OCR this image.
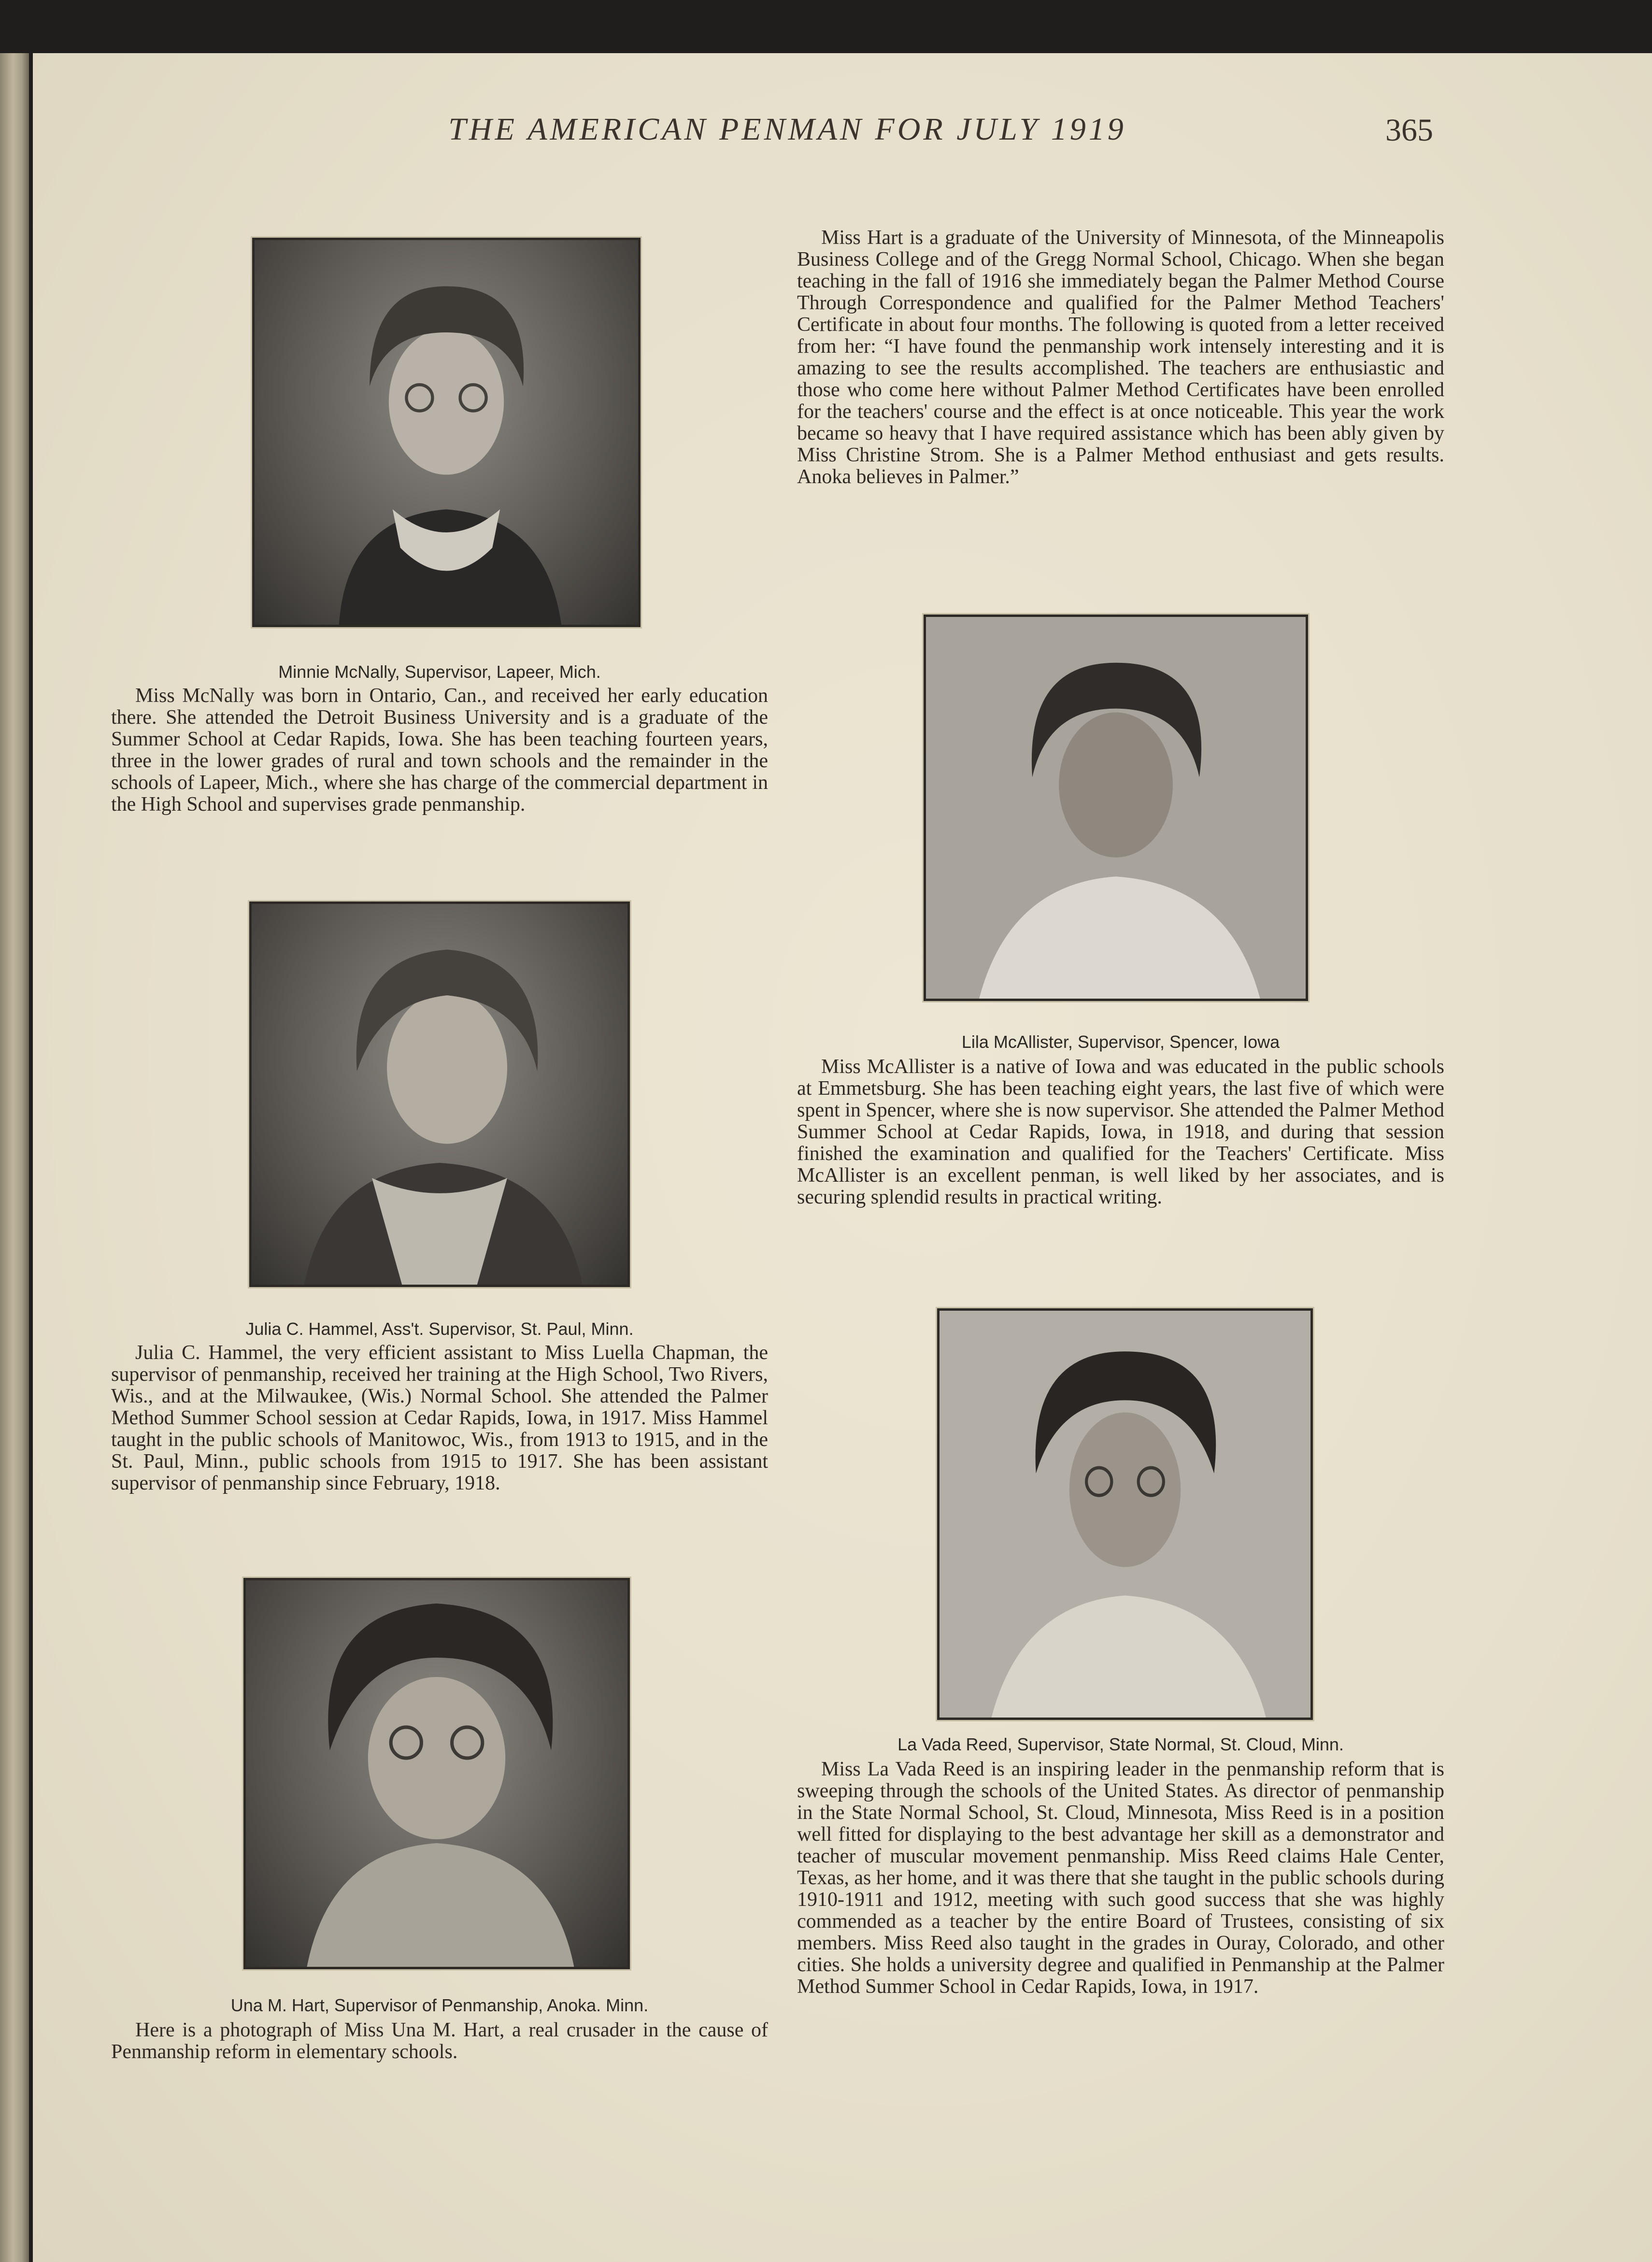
THE AMERICAN PENMAN FOR JULY 1919	365
Minnie McNally, Supervisor, Lapeer, Mich.

Miss McNally was born in Ontario, Can., and received her early education there. She attended the Detroit Business University and is a graduate of the Summer School at Cedar Rapids, Iowa. She has been teaching fourteen years, three in the lower grades of rural and town schools and the remainder in the schools of Lapeer, Mich., where she has charge of the commercial department in the High School and supervises grade penmanship.

Julia C. Hammel, Ass't. Supervisor, St. Paul, Minn.

Julia C. Hammel, the very efficient assistant to Miss Luella Chapman, the supervisor of penmanship, received her training at the High School, Two Rivers, Wis., and at the Milwaukee, (Wis.) Normal School. She attended the Palmer Method Summer School session at Cedar Rapids, Iowa, in 1917. Miss Hammel taught in the public schools of Manitowoc, Wis., from 1913 to 1915, and in the St. Paul, Minn., public schools from 1915 to 1917. She has been assistant supervisor of penmanship since February, 1918.

Una M. Hart, Supervisor of Penmanship, Anoka. Minn.

Here is a photograph of Miss Una M. Hart, a real crusader in the cause of Penmanship reform in elementary schools.

Miss Hart is a graduate of the University of Minnesota, of the Minneapolis Business College and of the Gregg Normal School, Chicago. When she began teaching in the fall of 1916 she immediately began the Palmer Method Course Through Correspondence and qualified for the Palmer Method Teachers' Certificate in about four months. The following is quoted from a letter received from her: “I have found the penmanship work intensely interesting and it is amazing to see the results accomplished. The teachers are enthusiastic and those who come here without Palmer Method Certificates have been enrolled for the teachers' course and the effect is at once noticeable. This year the work became so heavy that I have required assistance which has been ably given by Miss Christine Strom. She is a Palmer Method enthusiast and gets results. Anoka believes in Palmer.”

Lila McAllister, Supervisor, Spencer, Iowa

Miss McAllister is a native of Iowa and was educated in the public schools at Emmetsburg. She has been teaching eight years, the last five of which were spent in Spencer, where she is now supervisor. She attended the Palmer Method Summer School at Cedar Rapids, Iowa, in 1918, and during that session finished the examination and qualified for the Teachers' Certificate. Miss McAllister is an excellent penman, is well liked by her associates, and is securing splendid results in practical writing.

La Vada Reed, Supervisor, State Normal, St. Cloud, Minn.

Miss La Vada Reed is an inspiring leader in the penmanship reform that is sweeping through the schools of the United States. As director of penmanship in the State Normal School, St. Cloud, Minnesota, Miss Reed is in a position well fitted for displaying to the best advantage her skill as a demonstrator and teacher of muscular movement penmanship. Miss Reed claims Hale Center, Texas, as her home, and it was there that she taught in the public schools during 1910-1911 and 1912, meeting with such good success that she was highly commended as a teacher by the entire Board of Trustees, consisting of six members. Miss Reed also taught in the grades in Ouray, Colorado, and other cities. She holds a university degree and qualified in Penmanship at the Palmer Method Summer School in Cedar Rapids, Iowa, in 1917.
